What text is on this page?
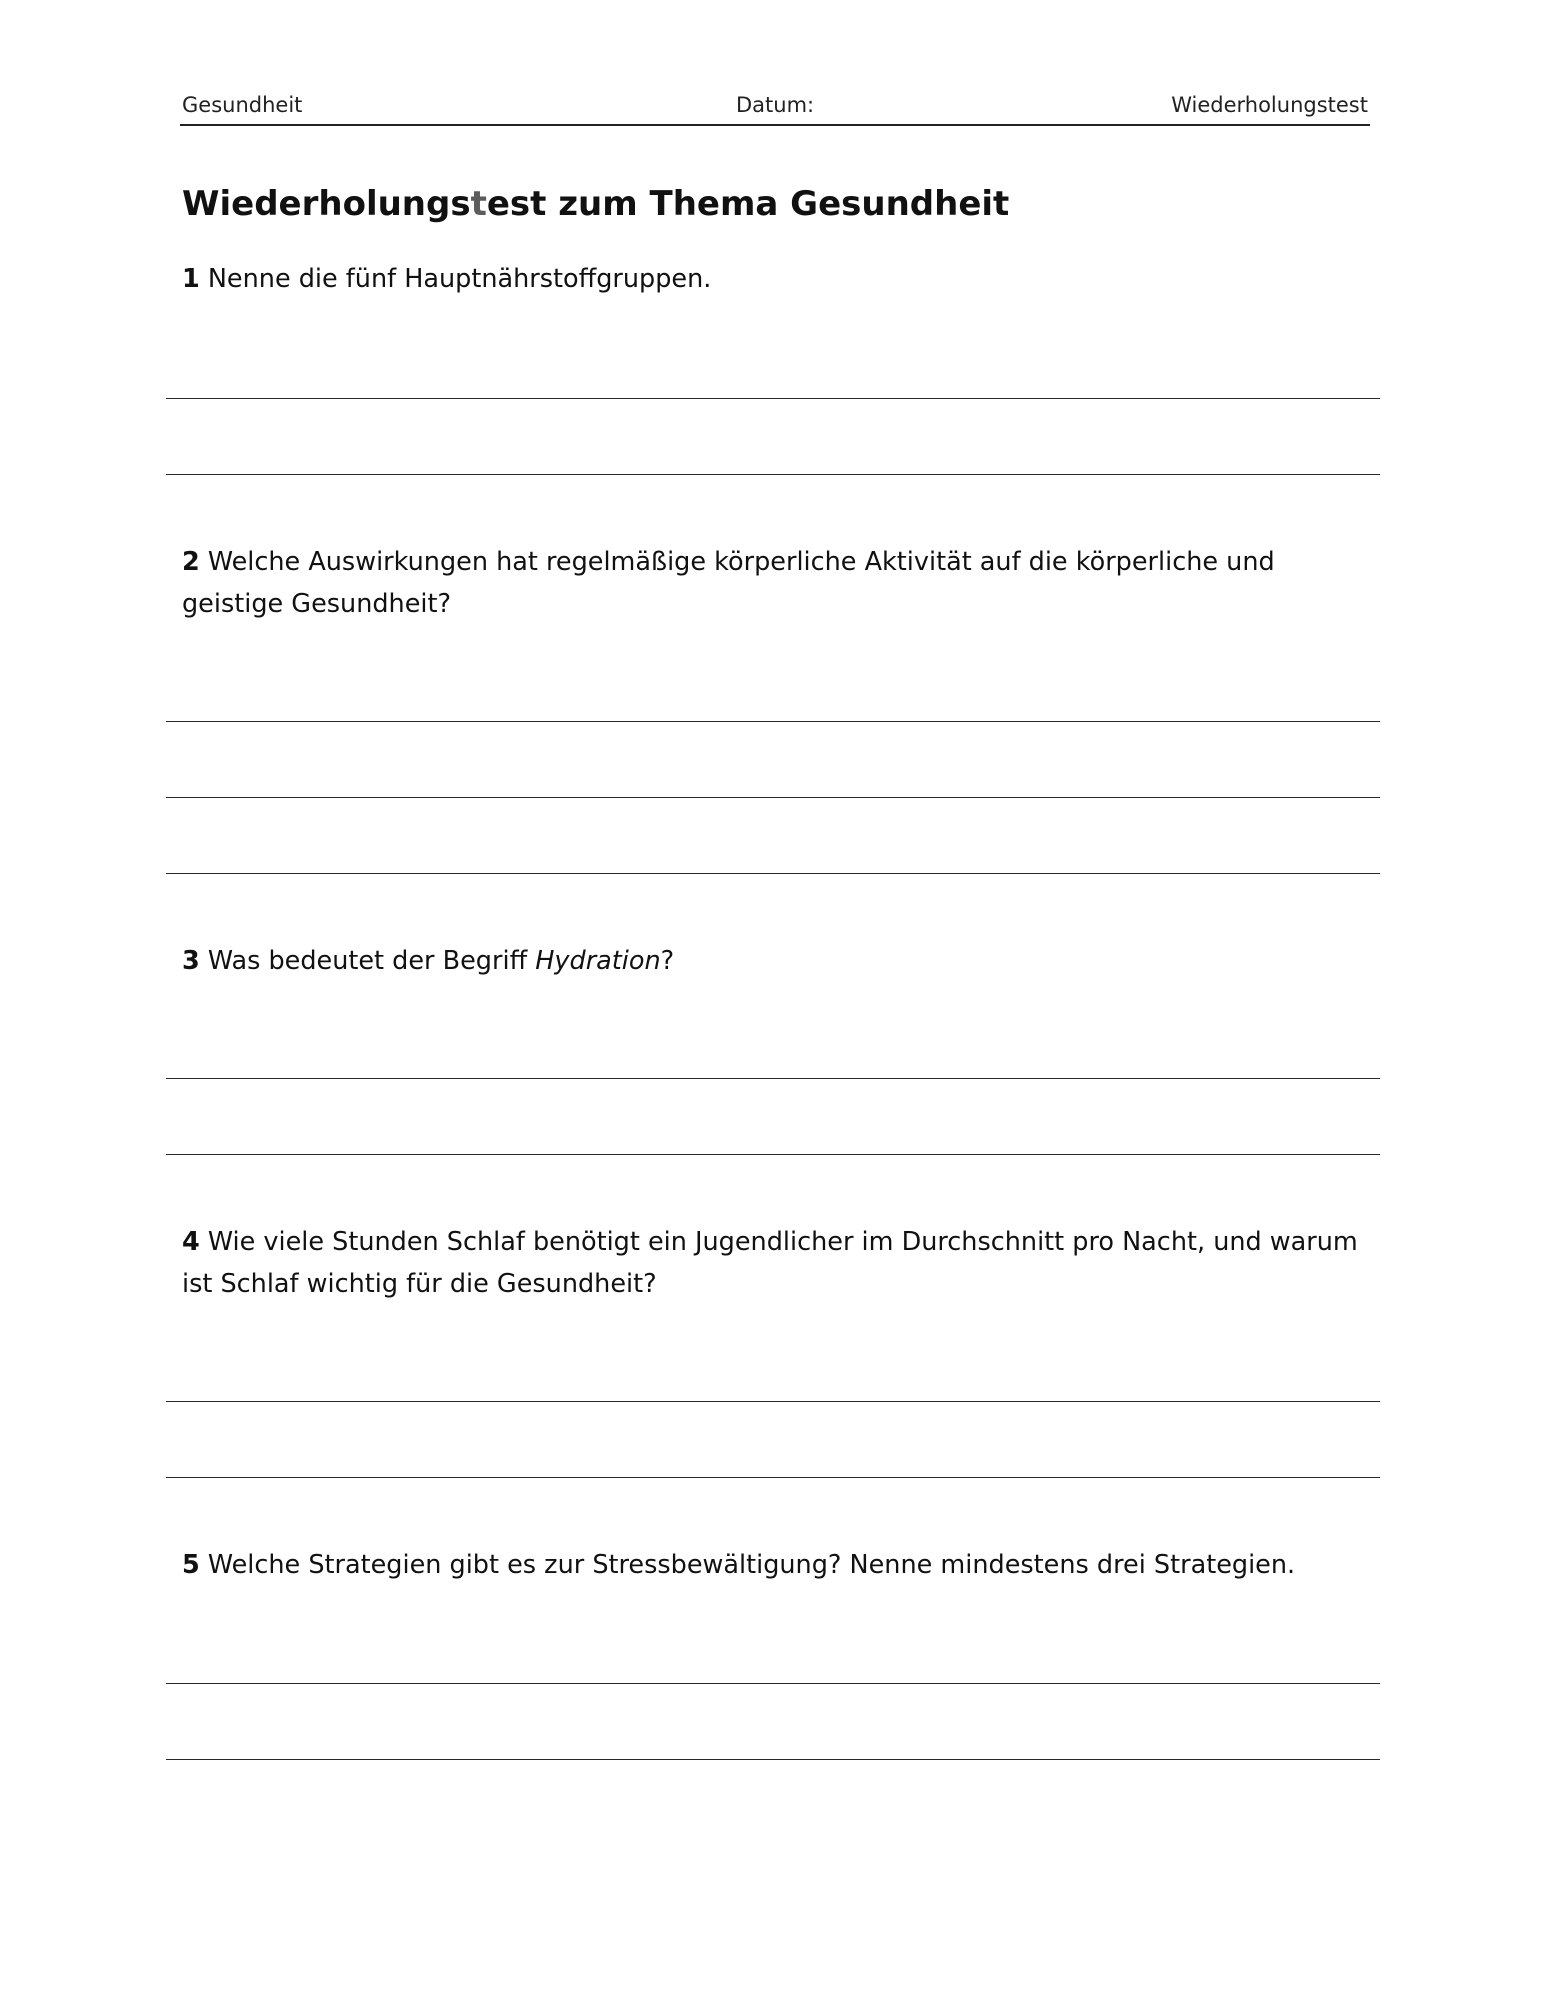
Gesundheit	Datum:	Wiederholungstest
Wiederholungstest zum Thema Gesundheit

1 Nenne die fünf Hauptnährstoffgruppen.

2 Welche Auswirkungen hat regelmäßige körperliche Aktivität auf die körperliche und geistige Gesundheit?

3 Was bedeutet der Begriff Hydration?

4 Wie viele Stunden Schlaf benötigt ein Jugendlicher im Durchschnitt pro Nacht, und warum ist Schlaf wichtig für die Gesundheit?

5 Welche Strategien gibt es zur Stressbewältigung? Nenne mindestens drei Strategien.
